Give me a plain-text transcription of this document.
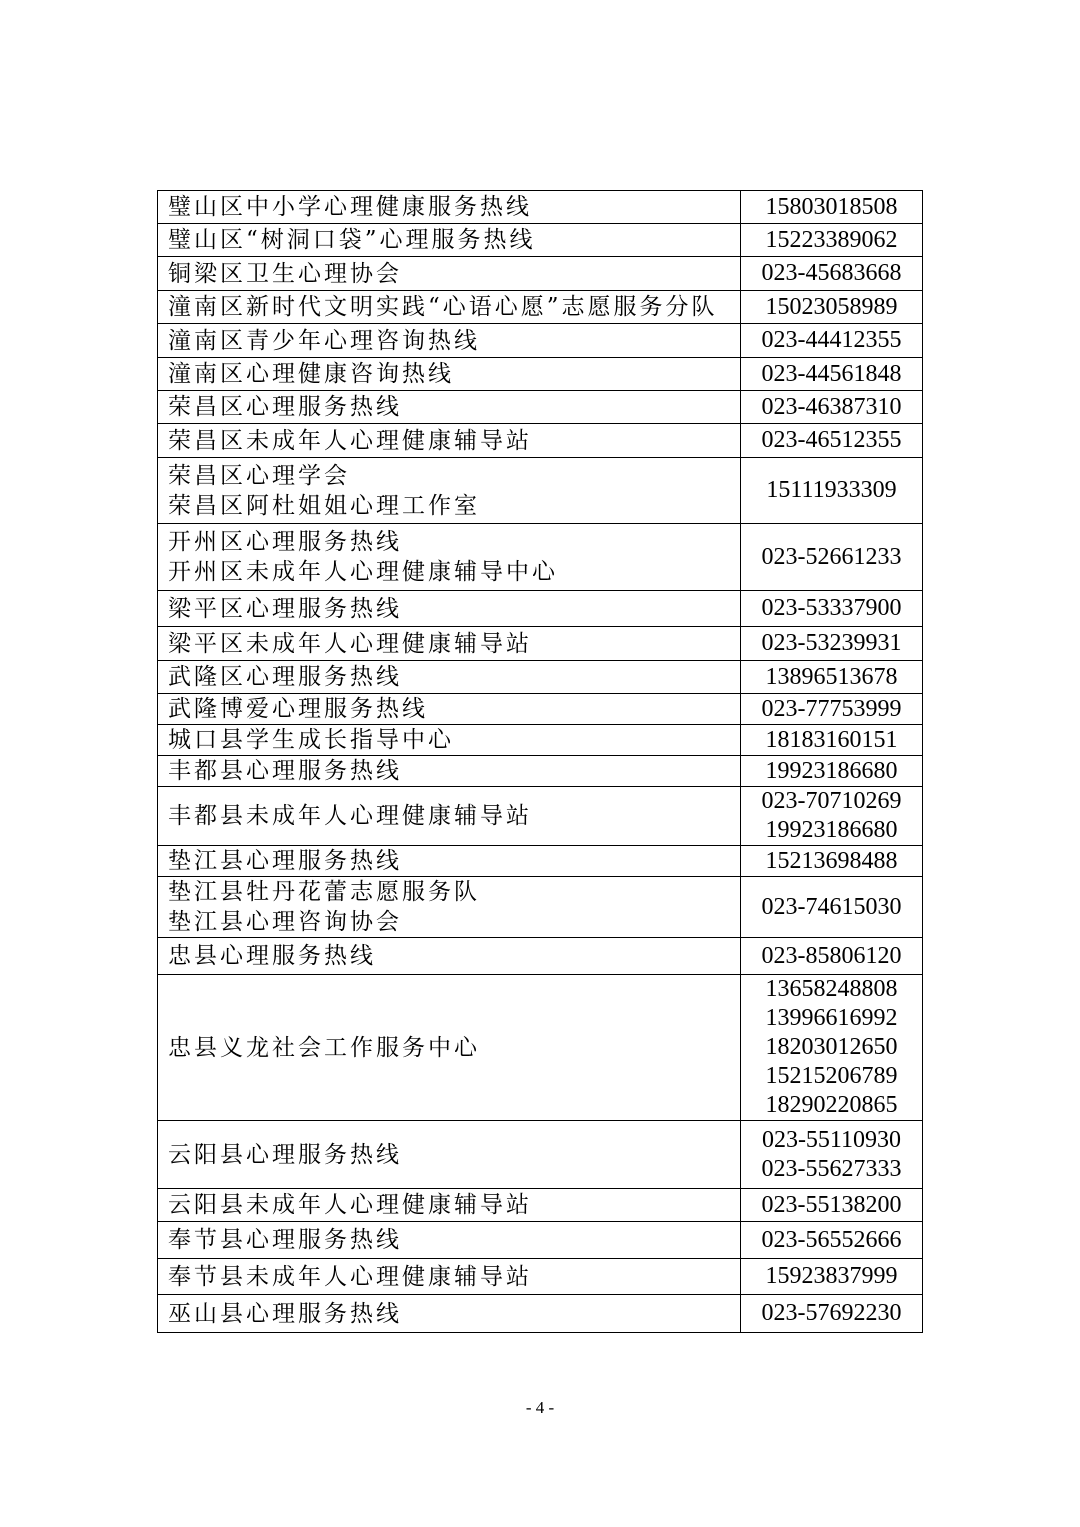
璧山区中小学心理健康服务热线	15803018508

璧山区“树洞口袋”心理服务热线	15223389062

铜梁区卫生心理协会	023-45683668

潼南区新时代文明实践“心语心愿”志愿服务分队	15023058989

潼南区青少年心理咨询热线	023-44412355

潼南区心理健康咨询热线	023-44561848

荣昌区心理服务热线	023-46387310

荣昌区未成年人心理健康辅导站	023-46512355

荣昌区心理学会
荣昌区阿杜姐姐心理工作室	15111933309

开州区心理服务热线
开州区未成年人心理健康辅导中心	023-52661233

梁平区心理服务热线	023-53337900

梁平区未成年人心理健康辅导站	023-53239931

武隆区心理服务热线	13896513678

武隆博爱心理服务热线	023-77753999

城口县学生成长指导中心	18183160151

丰都县心理服务热线	19923186680

丰都县未成年人心理健康辅导站	023-70710269
19923186680

垫江县心理服务热线	15213698488

垫江县牡丹花蕾志愿服务队
垫江县心理咨询协会	023-74615030

忠县心理服务热线	023-85806120

忠县义龙社会工作服务中心	13658248808
13996616992
18203012650
15215206789
18290220865

云阳县心理服务热线	023-55110930
023-55627333

云阳县未成年人心理健康辅导站	023-55138200

奉节县心理服务热线	023-56552666

奉节县未成年人心理健康辅导站	15923837999

巫山县心理服务热线	023-57692230
- 4 -
